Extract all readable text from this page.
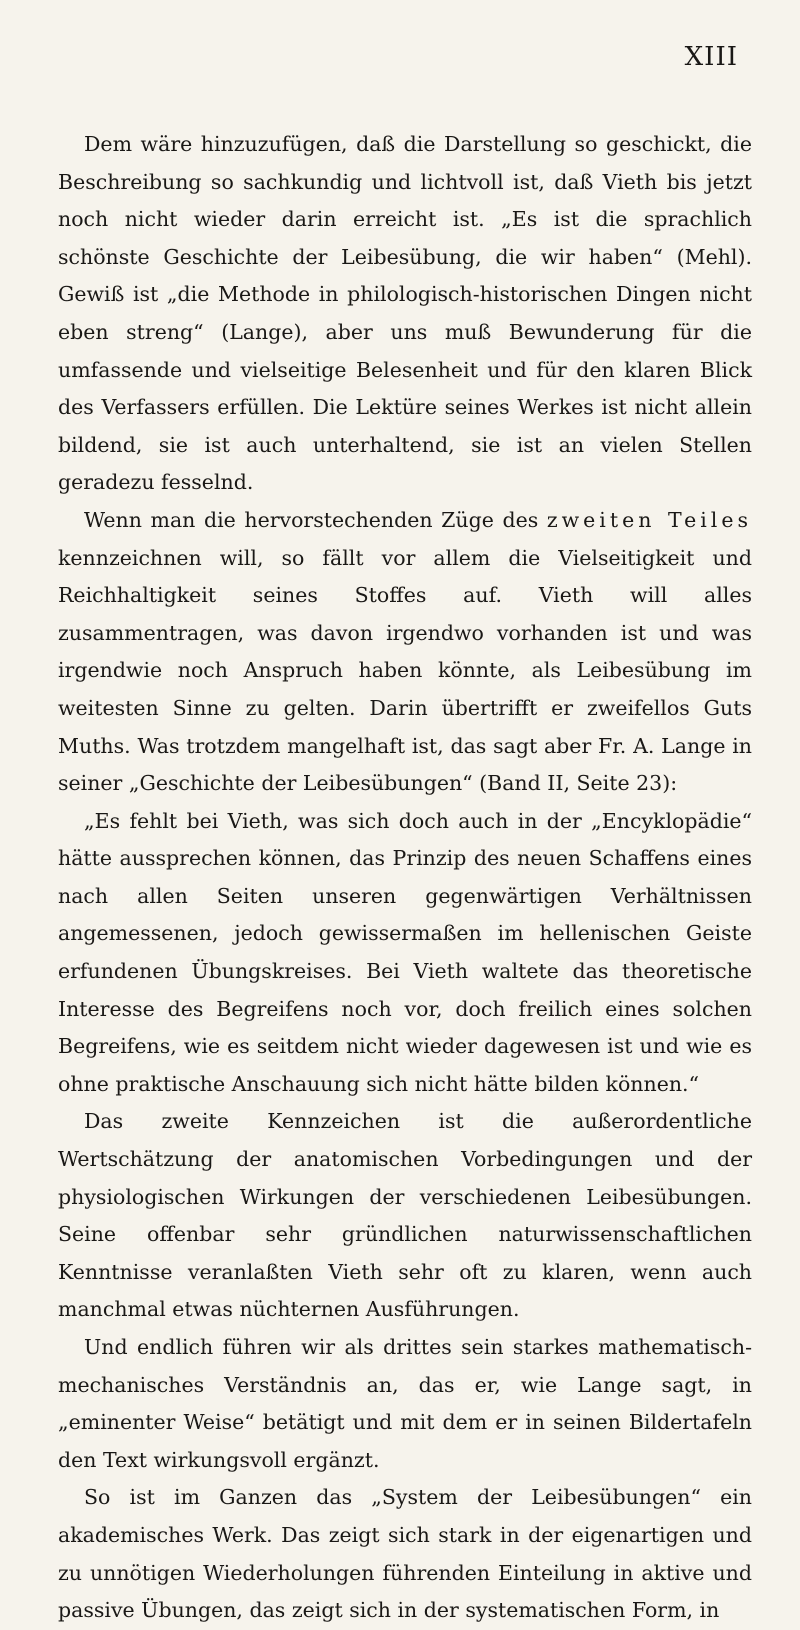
XIII

Dem wäre hinzuzufügen, daß die Darstellung so geschickt, die Beschreibung so sachkundig und lichtvoll ist, daß Vieth bis jetzt noch nicht wieder darin erreicht ist. „Es ist die sprachlich schönste Geschichte der Leibesübung, die wir haben“ (Mehl). Gewiß ist „die Methode in philologisch-historischen Dingen nicht eben streng“ (Lange), aber uns muß Bewunderung für die umfassende und vielseitige Belesenheit und für den klaren Blick des Verfassers erfüllen. Die Lektüre seines Werkes ist nicht allein bildend, sie ist auch unterhaltend, sie ist an vielen Stellen geradezu fesselnd.

Wenn man die hervorstechenden Züge des zweiten Teiles kennzeichnen will, so fällt vor allem die Vielseitigkeit und Reichhaltigkeit seines Stoffes auf. Vieth will alles zusammentragen, was davon irgendwo vorhanden ist und was irgendwie noch Anspruch haben könnte, als Leibesübung im weitesten Sinne zu gelten. Darin übertrifft er zweifellos Guts Muths. Was trotzdem mangelhaft ist, das sagt aber Fr. A. Lange in seiner „Geschichte der Leibesübungen“ (Band II, Seite 23):

„Es fehlt bei Vieth, was sich doch auch in der „Encyklopädie“ hätte aussprechen können, das Prinzip des neuen Schaffens eines nach allen Seiten unseren gegenwärtigen Verhältnissen angemessenen, jedoch gewissermaßen im hellenischen Geiste erfundenen Übungskreises. Bei Vieth waltete das theoretische Interesse des Begreifens noch vor, doch freilich eines solchen Begreifens, wie es seitdem nicht wieder dagewesen ist und wie es ohne praktische Anschauung sich nicht hätte bilden können.“

Das zweite Kennzeichen ist die außerordentliche Wertschätzung der anatomischen Vorbedingungen und der physiologischen Wirkungen der verschiedenen Leibesübungen. Seine offenbar sehr gründlichen naturwissenschaftlichen Kenntnisse veranlaßten Vieth sehr oft zu klaren, wenn auch manchmal etwas nüchternen Ausführungen.

Und endlich führen wir als drittes sein starkes mathematisch-mechanisches Verständnis an, das er, wie Lange sagt, in „eminenter Weise“ betätigt und mit dem er in seinen Bildertafeln den Text wirkungsvoll ergänzt.

So ist im Ganzen das „System der Leibesübungen“ ein akademisches Werk. Das zeigt sich stark in der eigenartigen und zu unnötigen Wiederholungen führenden Einteilung in aktive und passive Übungen, das zeigt sich in der systematischen Form, in
